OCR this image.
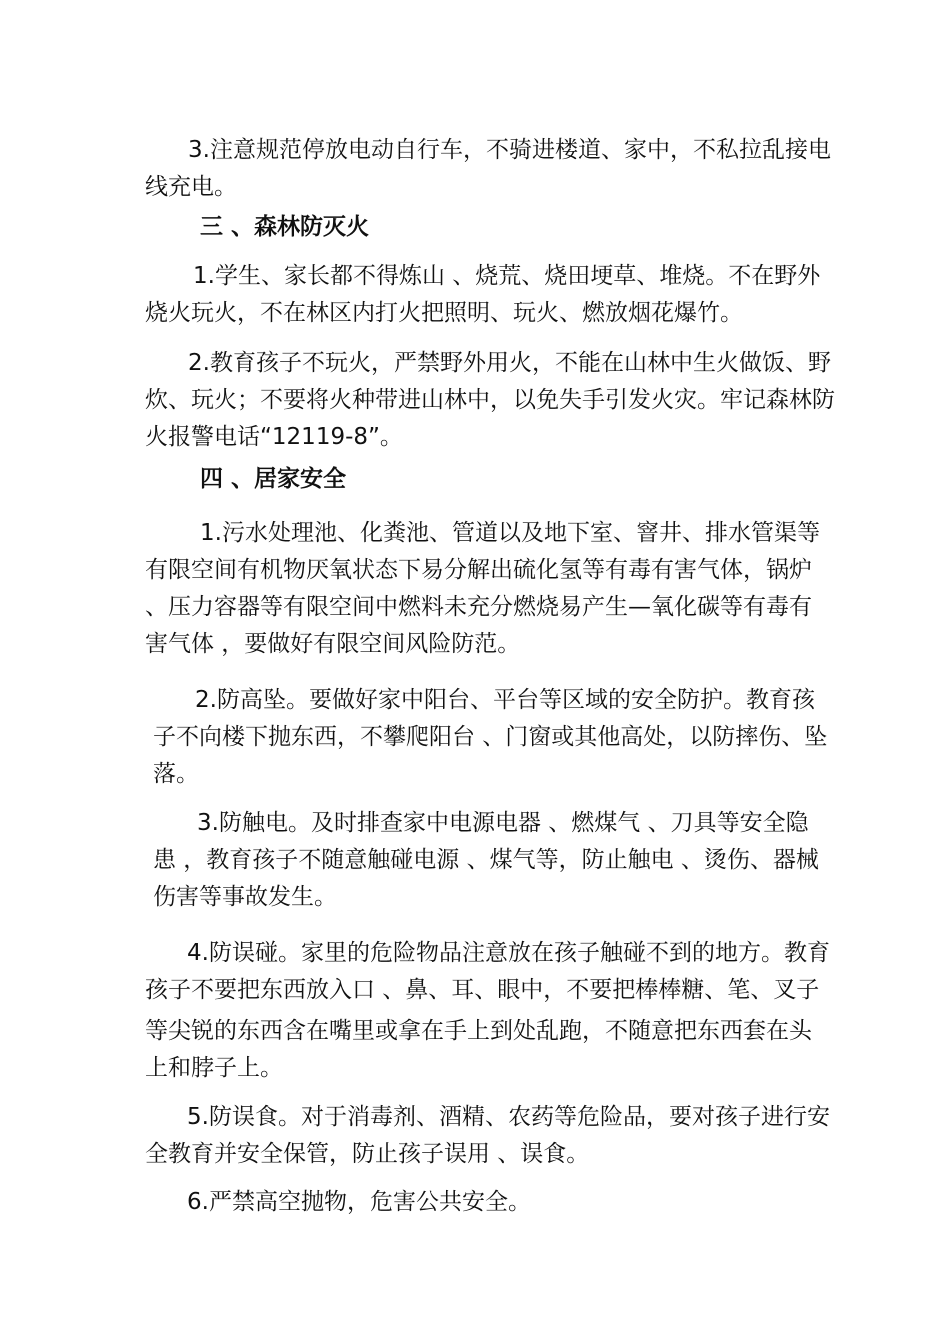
3.注意规范停放电动自行车，不骑进楼道、家中，不私拉乱接电
线充电。
三 、森林防灭火
1.学生、家长都不得炼山 、烧荒、烧田埂草、堆烧。不在野外
烧火玩火，不在林区内打火把照明、玩火、燃放烟花爆竹。
2.教育孩子不玩火，严禁野外用火，不能在山林中生火做饭、野
炊、玩火；不要将火种带进山林中，以免失手引发火灾。牢记森林防
火报警电话“12119-8”。
四 、居家安全
1.污水处理池、化粪池、管道以及地下室、窨井、排水管渠等
有限空间有机物厌氧状态下易分解出硫化氢等有毒有害气体，锅炉
、压力容器等有限空间中燃料未充分燃烧易产生—氧化碳等有毒有
害气体 ，要做好有限空间风险防范。
2.防高坠。要做好家中阳台、平台等区域的安全防护。教育孩
子不向楼下抛东西，不攀爬阳台 、门窗或其他高处，以防摔伤、坠
落。
3.防触电。及时排查家中电源电器 、燃煤气 、刀具等安全隐
患 ，教育孩子不随意触碰电源 、煤气等，防止触电 、烫伤、器械
伤害等事故发生。
4.防误碰。家里的危险物品注意放在孩子触碰不到的地方。教育
孩子不要把东西放入口 、鼻、耳、眼中，不要把棒棒糖、笔、叉子
等尖锐的东西含在嘴里或拿在手上到处乱跑，不随意把东西套在头
上和脖子上。
5.防误食。对于消毒剂、酒精、农药等危险品，要对孩子进行安
全教育并安全保管，防止孩子误用 、误食。
6.严禁高空抛物，危害公共安全。
